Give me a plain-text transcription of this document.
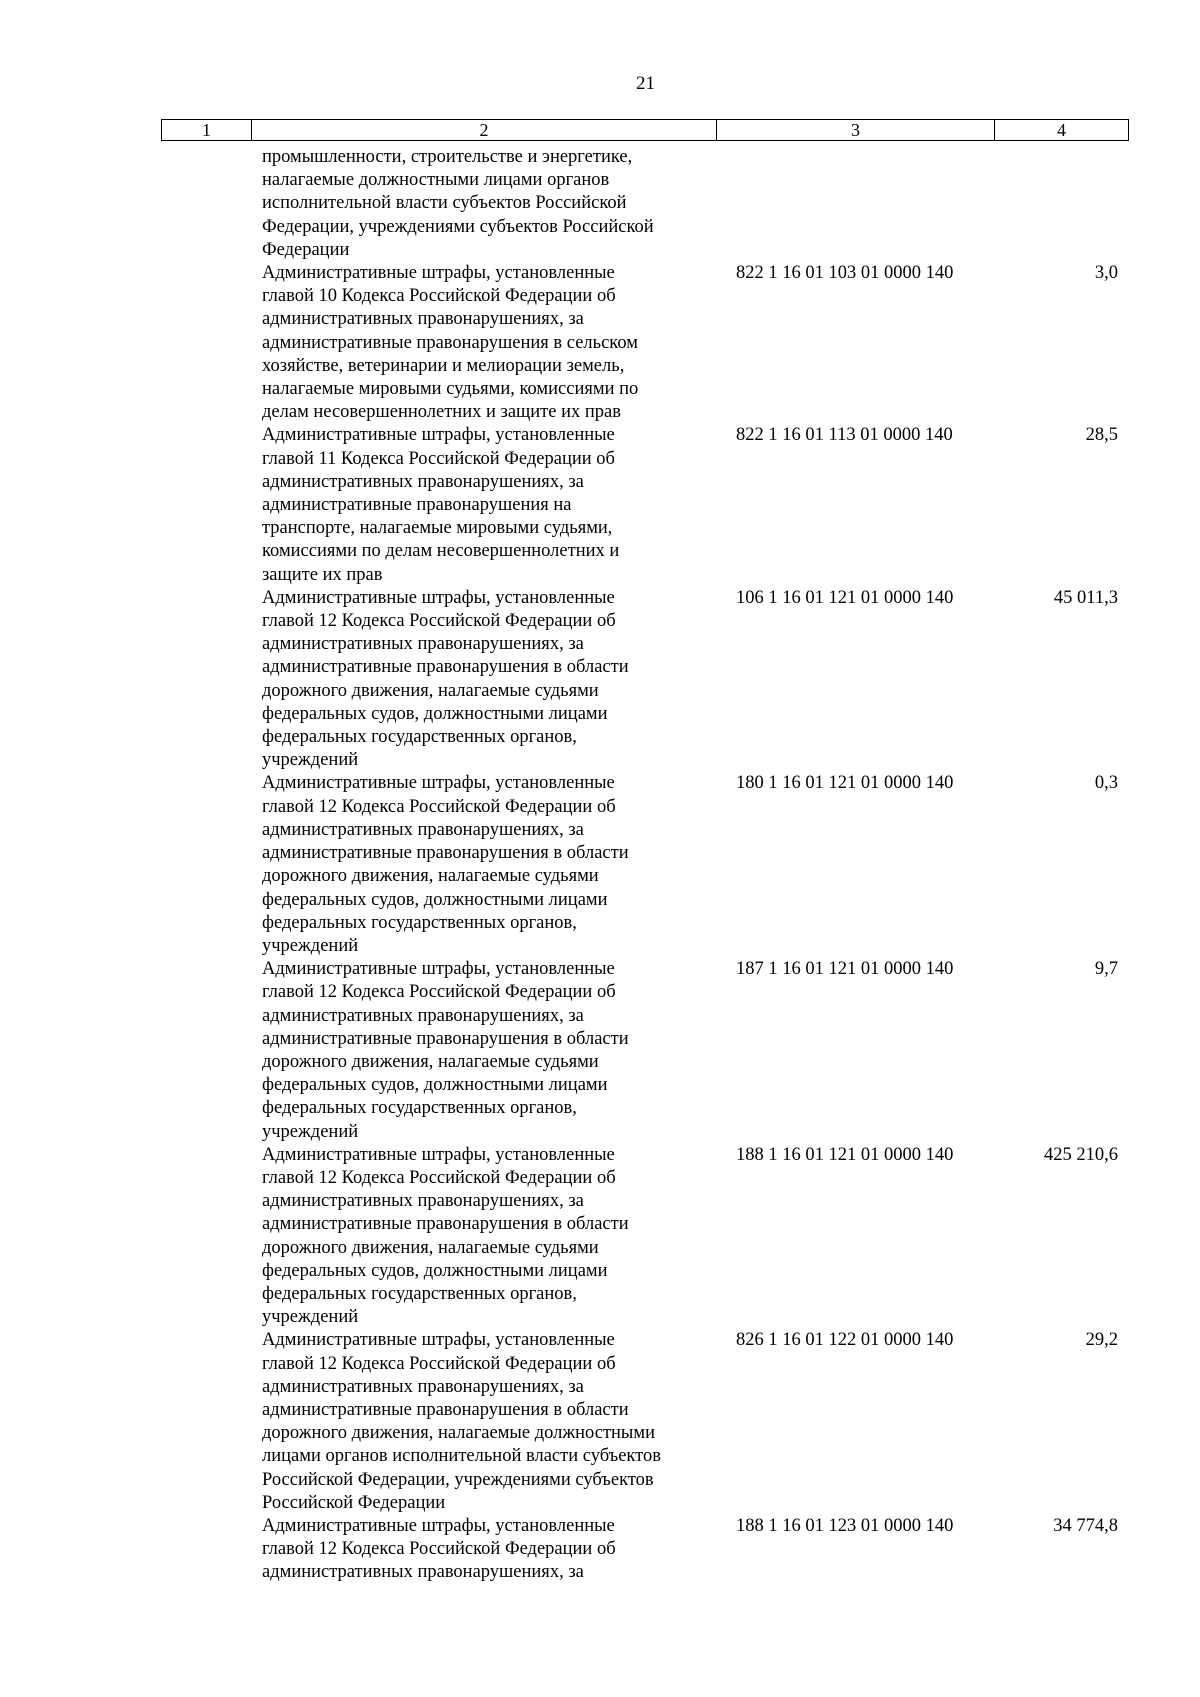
21
1	2	3	4
промышленности, строительстве и энергетике,
налагаемые должностными лицами органов
исполнительной власти субъектов Российской
Федерации, учреждениями субъектов Российской
Федерации
Административные штрафы, установленные
главой 10 Кодекса Российской Федерации об
административных правонарушениях, за
административные правонарушения в сельском
хозяйстве, ветеринарии и мелиорации земель,
налагаемые мировыми судьями, комиссиями по
делам несовершеннолетних и защите их прав
822 1 16 01 103 01 0000 140	3,0
Административные штрафы, установленные
главой 11 Кодекса Российской Федерации об
административных правонарушениях, за
административные правонарушения на
транспорте, налагаемые мировыми судьями,
комиссиями по делам несовершеннолетних и
защите их прав
822 1 16 01 113 01 0000 140	28,5
Административные штрафы, установленные
главой 12 Кодекса Российской Федерации об
административных правонарушениях, за
административные правонарушения в области
дорожного движения, налагаемые судьями
федеральных судов, должностными лицами
федеральных государственных органов,
учреждений
106 1 16 01 121 01 0000 140	45 011,3
Административные штрафы, установленные
главой 12 Кодекса Российской Федерации об
административных правонарушениях, за
административные правонарушения в области
дорожного движения, налагаемые судьями
федеральных судов, должностными лицами
федеральных государственных органов,
учреждений
180 1 16 01 121 01 0000 140	0,3
Административные штрафы, установленные
главой 12 Кодекса Российской Федерации об
административных правонарушениях, за
административные правонарушения в области
дорожного движения, налагаемые судьями
федеральных судов, должностными лицами
федеральных государственных органов,
учреждений
187 1 16 01 121 01 0000 140	9,7
Административные штрафы, установленные
главой 12 Кодекса Российской Федерации об
административных правонарушениях, за
административные правонарушения в области
дорожного движения, налагаемые судьями
федеральных судов, должностными лицами
федеральных государственных органов,
учреждений
188 1 16 01 121 01 0000 140	425 210,6
Административные штрафы, установленные
главой 12 Кодекса Российской Федерации об
административных правонарушениях, за
административные правонарушения в области
дорожного движения, налагаемые должностными
лицами органов исполнительной власти субъектов
Российской Федерации, учреждениями субъектов
Российской Федерации
826 1 16 01 122 01 0000 140	29,2
Административные штрафы, установленные
главой 12 Кодекса Российской Федерации об
административных правонарушениях, за
188 1 16 01 123 01 0000 140	34 774,8
